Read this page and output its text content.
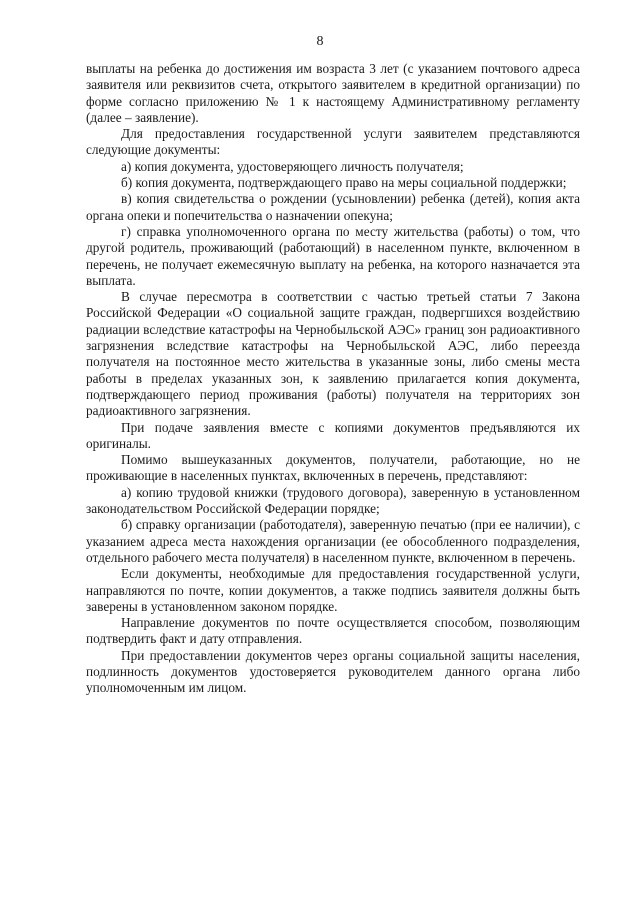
8

выплаты на ребенка до достижения им возраста 3 лет (с указанием почтового адреса заявителя или реквизитов счета, открытого заявителем в кредитной организации) по форме согласно приложению № 1 к настоящему Административному регламенту (далее – заявление).

Для предоставления государственной услуги заявителем представляются следующие документы:

а) копия документа, удостоверяющего личность получателя;

б) копия документа, подтверждающего право на меры социальной поддержки;

в) копия свидетельства о рождении (усыновлении) ребенка (детей), копия акта органа опеки и попечительства о назначении опекуна;

г) справка уполномоченного органа по месту жительства (работы) о том, что другой родитель, проживающий (работающий) в населенном пункте, включенном в перечень, не получает ежемесячную выплату на ребенка, на которого назначается эта выплата.

В случае пересмотра в соответствии с частью третьей статьи 7 Закона Российской Федерации «О социальной защите граждан, подвергшихся воздействию радиации вследствие катастрофы на Чернобыльской АЭС» границ зон радиоактивного загрязнения вследствие катастрофы на Чернобыльской АЭС, либо переезда получателя на постоянное место жительства в указанные зоны, либо смены места работы в пределах указанных зон, к заявлению прилагается копия документа, подтверждающего период проживания (работы) получателя на территориях зон радиоактивного загрязнения.

При подаче заявления вместе с копиями документов предъявляются их оригиналы.

Помимо вышеуказанных документов, получатели, работающие, но не проживающие в населенных пунктах, включенных в перечень, представляют:

а) копию трудовой книжки (трудового договора), заверенную в установленном законодательством Российской Федерации порядке;

б) справку организации (работодателя), заверенную печатью (при ее наличии), с указанием адреса места нахождения организации (ее обособленного подразделения, отдельного рабочего места получателя) в населенном пункте, включенном в перечень.

Если документы, необходимые для предоставления государственной услуги, направляются по почте, копии документов, а также подпись заявителя должны быть заверены в установленном законом порядке.

Направление документов по почте осуществляется способом, позволяющим подтвердить факт и дату отправления.

При предоставлении документов через органы социальной защиты населения, подлинность документов удостоверяется руководителем данного органа либо уполномоченным им лицом.
